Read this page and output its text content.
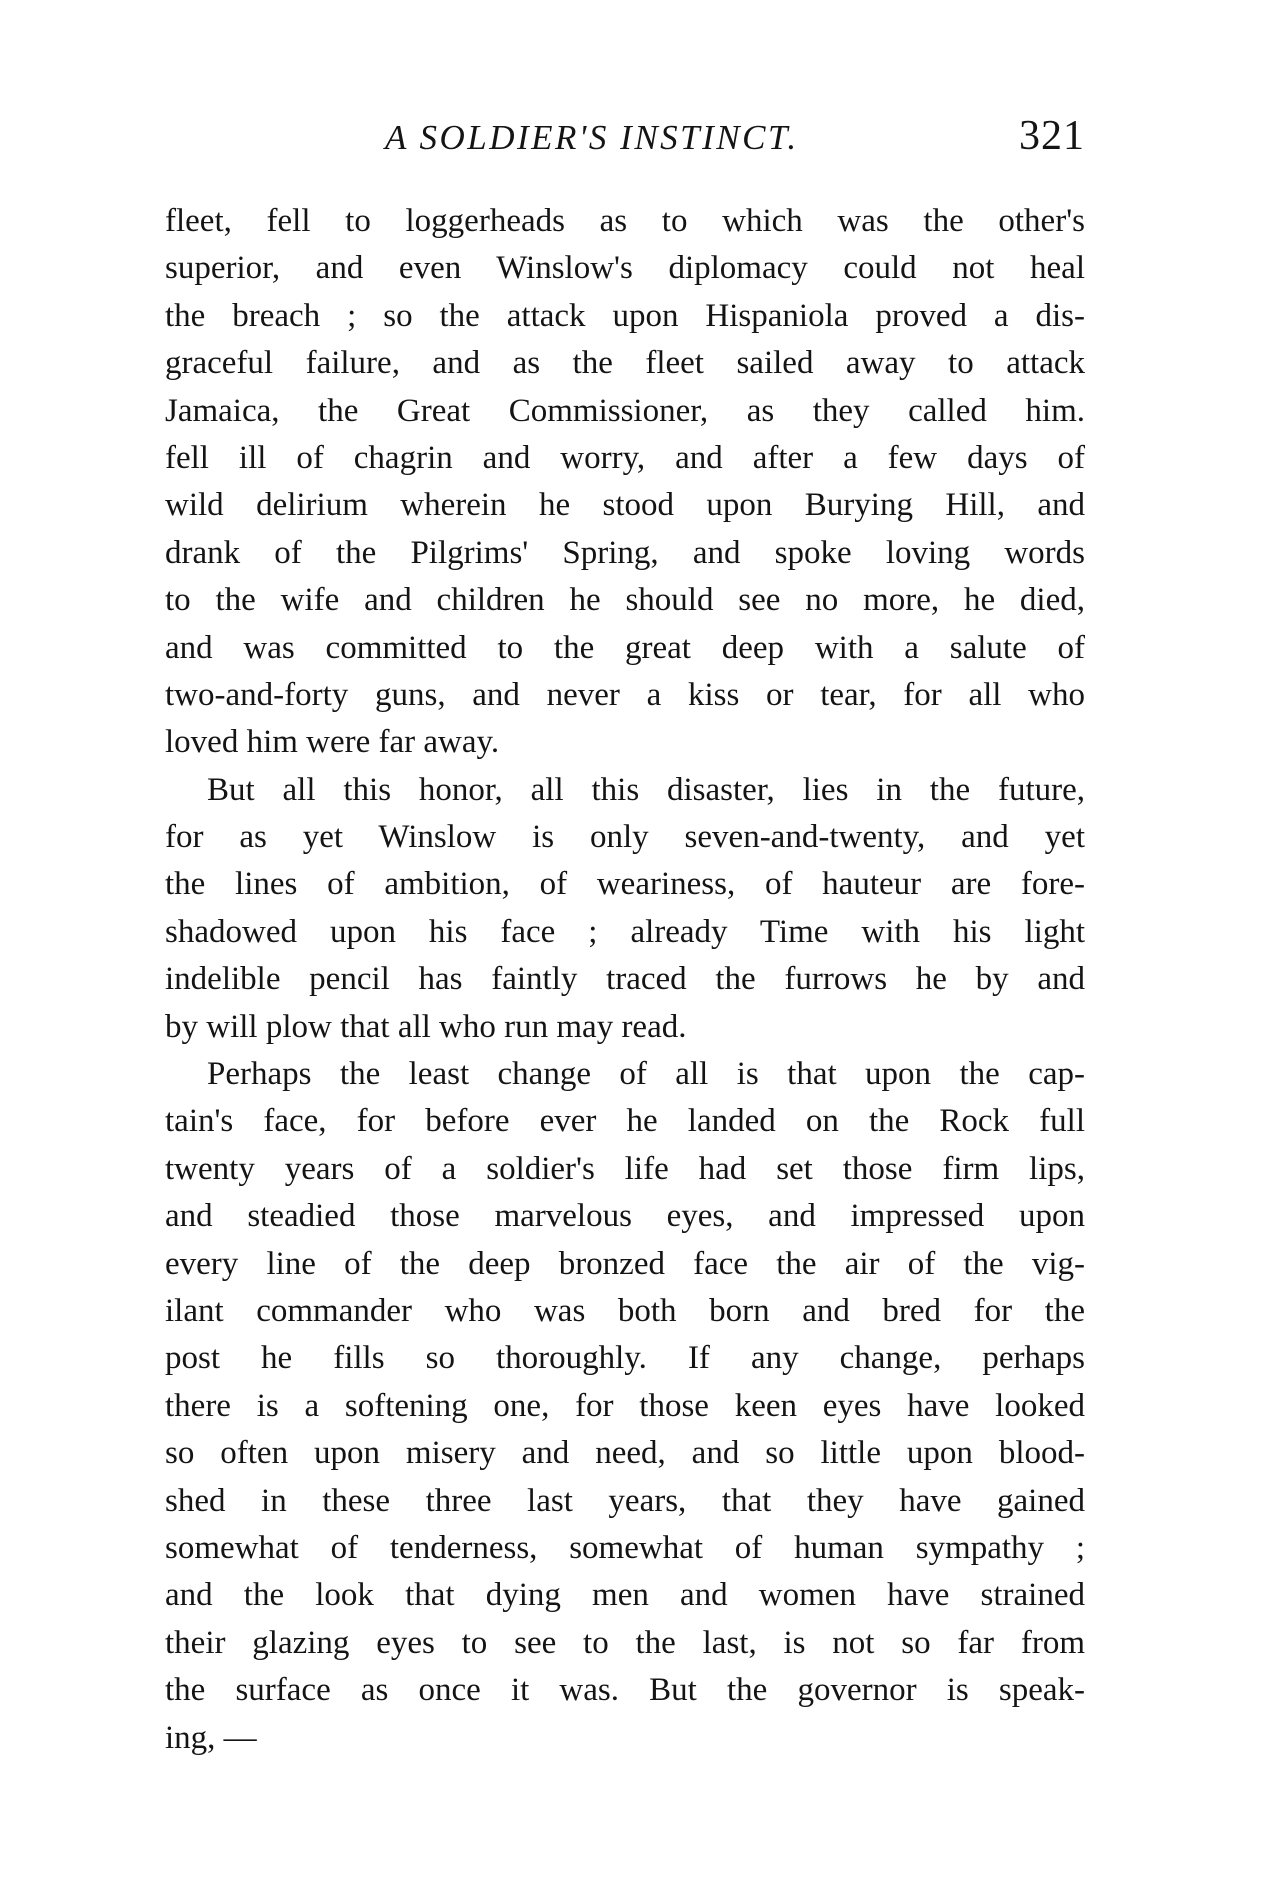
A SOLDIER'S INSTINCT.	321
fleet, fell to loggerheads as to which was the other's
superior, and even Winslow's diplomacy could not heal
the breach ; so the attack upon Hispaniola proved a dis-
graceful failure, and as the fleet sailed away to attack
Jamaica, the Great Commissioner, as they called him.
fell ill of chagrin and worry, and after a few days of
wild delirium wherein he stood upon Burying Hill, and
drank of the Pilgrims' Spring, and spoke loving words
to the wife and children he should see no more, he died,
and was committed to the great deep with a salute of
two-and-forty guns, and never a kiss or tear, for all who
loved him were far away.
But all this honor, all this disaster, lies in the future,
for as yet Winslow is only seven-and-twenty, and yet
the lines of ambition, of weariness, of hauteur are fore-
shadowed upon his face ; already Time with his light
indelible pencil has faintly traced the furrows he by and
by will plow that all who run may read.
Perhaps the least change of all is that upon the cap-
tain's face, for before ever he landed on the Rock full
twenty years of a soldier's life had set those firm lips,
and steadied those marvelous eyes, and impressed upon
every line of the deep bronzed face the air of the vig-
ilant commander who was both born and bred for the
post he fills so thoroughly. If any change, perhaps
there is a softening one, for those keen eyes have looked
so often upon misery and need, and so little upon blood-
shed in these three last years, that they have gained
somewhat of tenderness, somewhat of human sympathy ;
and the look that dying men and women have strained
their glazing eyes to see to the last, is not so far from
the surface as once it was. But the governor is speak-
ing, —
